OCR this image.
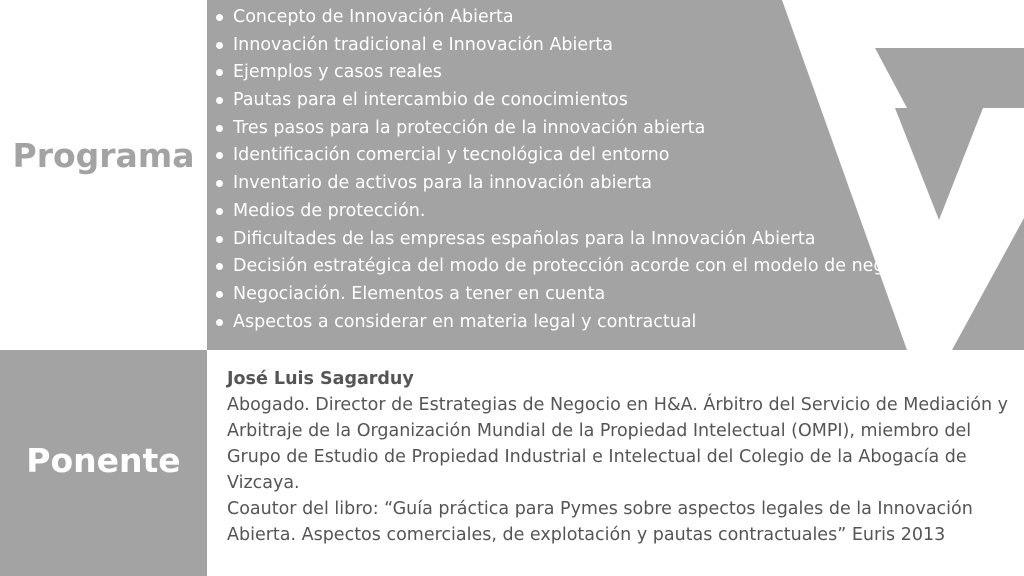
Programa
Concepto de Innovación Abierta
Innovación tradicional e Innovación Abierta
Ejemplos y casos reales
Pautas para el intercambio de conocimientos
Tres pasos para la protección de la innovación abierta
Identificación comercial y tecnológica del entorno
Inventario de activos para la innovación abierta
Medios de protección.
Dificultades de las empresas españolas para la Innovación Abierta
Decisión estratégica del modo de protección acorde con el modelo de negocio
Negociación. Elementos a tener en cuenta
Aspectos a considerar en materia legal y contractual
Ponente

José Luis Sagarduy

Abogado. Director de Estrategias de Negocio en H&A. Árbitro del Servicio de Mediación y Arbitraje de la Organización Mundial de la Propiedad Intelectual (OMPI), miembro del Grupo de Estudio de Propiedad Industrial e Intelectual del Colegio de la Abogacía de Vizcaya.

Coautor del libro: “Guía práctica para Pymes sobre aspectos legales de la Innovación Abierta. Aspectos comerciales, de explotación y pautas contractuales” Euris 2013
